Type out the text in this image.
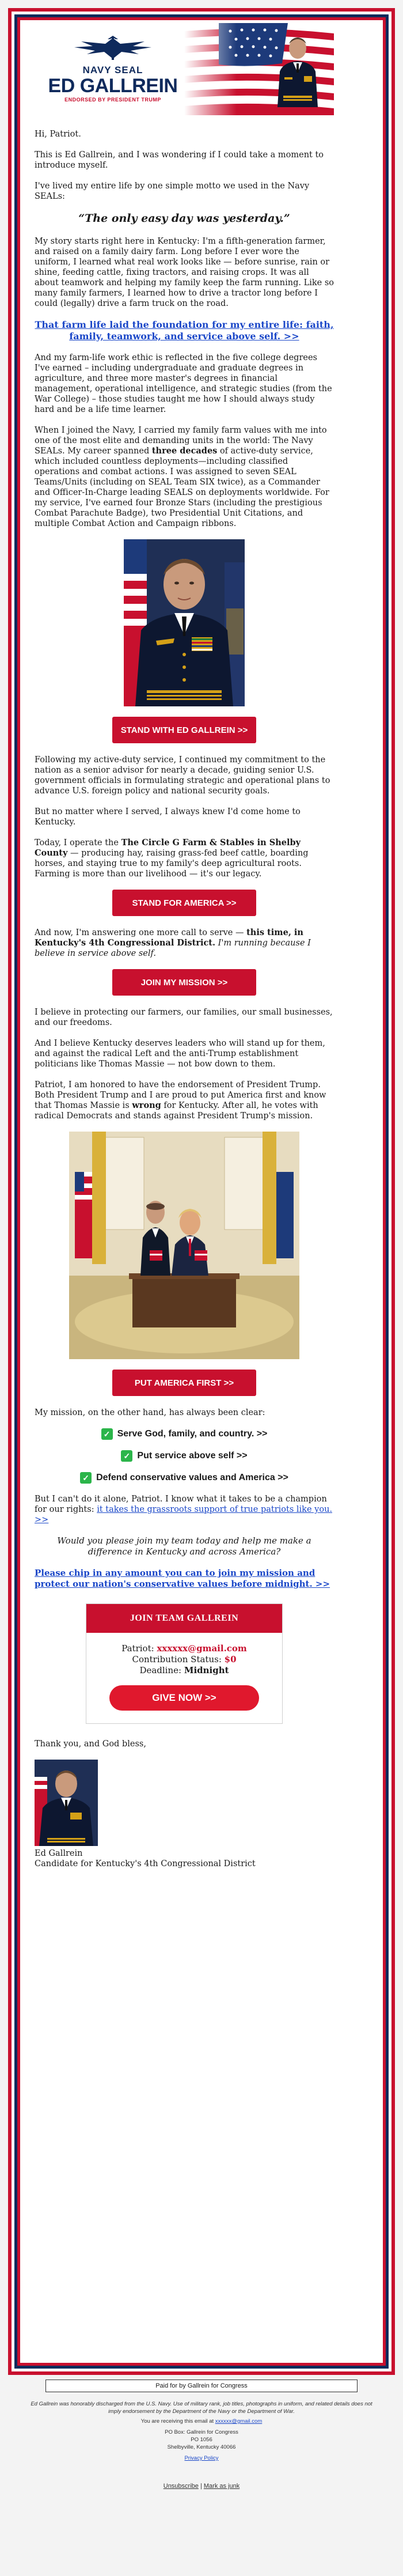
NAVY SEAL
ED GALLREIN
ENDORSED BY PRESIDENT TRUMP

Hi, Patriot.

This is Ed Gallrein, and I was wondering if I could take a moment to introduce myself.

I've lived my entire life by one simple motto we used in the Navy SEALs:

“The only easy day was yesterday.”

My story starts right here in Kentucky: I'm a fifth-generation farmer, and raised on a family dairy farm. Long before I ever wore the uniform, I learned what real work looks like — before sunrise, rain or shine, feeding cattle, fixing tractors, and raising crops. It was all about teamwork and helping my family keep the farm running. Like so many family farmers, I learned how to drive a tractor long before I could (legally) drive a farm truck on the road.

That farm life laid the foundation for my entire life: faith, family, teamwork, and service above self. >>

And my farm-life work ethic is reflected in the five college degrees I've earned – including undergraduate and graduate degrees in agriculture, and three more master's degrees in financial management, operational intelligence, and strategic studies (from the War College) – those studies taught me how I should always study hard and be a life time learner.

When I joined the Navy, I carried my family farm values with me into one of the most elite and demanding units in the world: The Navy SEALs. My career spanned three decades of active-duty service, which included countless deployments—including classified operations and combat actions. I was assigned to seven SEAL Teams/Units (including on SEAL Team SIX twice), as a Commander and Officer-In-Charge leading SEALS on deployments worldwide. For my service, I've earned four Bronze Stars (including the prestigious Combat Parachute Badge), two Presidential Unit Citations, and multiple Combat Action and Campaign ribbons.

STAND WITH ED GALLREIN >>

Following my active-duty service, I continued my commitment to the nation as a senior advisor for nearly a decade, guiding senior U.S. government officials in formulating strategic and operational plans to advance U.S. foreign policy and national security goals.

But no matter where I served, I always knew I'd come home to Kentucky.

Today, I operate the The Circle G Farm & Stables in Shelby County — producing hay, raising grass-fed beef cattle, boarding horses, and staying true to my family's deep agricultural roots. Farming is more than our livelihood — it's our legacy.

STAND FOR AMERICA >>

And now, I'm answering one more call to serve — this time, in Kentucky's 4th Congressional District. I'm running because I believe in service above self.

JOIN MY MISSION >>

I believe in protecting our farmers, our families, our small businesses, and our freedoms.

And I believe Kentucky deserves leaders who will stand up for them, and against the radical Left and the anti-Trump establishment politicians like Thomas Massie — not bow down to them.

Patriot, I am honored to have the endorsement of President Trump. Both President Trump and I are proud to put America first and know that Thomas Massie is wrong for Kentucky. After all, he votes with radical Democrats and stands against President Trump's mission.

PUT AMERICA FIRST >>

My mission, on the other hand, has always been clear:

✓ Serve God, family, and country. >>
✓ Put service above self >>
✓ Defend conservative values and America >>

But I can't do it alone, Patriot. I know what it takes to be a champion for our rights: it takes the grassroots support of true patriots like you. >>

Would you please join my team today and help me make a difference in Kentucky and across America?
Please chip in any amount you can to join my mission and protect our nation's conservative values before midnight. >>
JOIN TEAM GALLREIN
Patriot: xxxxxx@gmail.com
Contribution Status: $0
Deadline: Midnight
GIVE NOW >>

Thank you, and God bless,

Ed Gallrein

Candidate for Kentucky's 4th Congressional District

Paid for by Gallrein for Congress
Ed Gallrein was honorably discharged from the U.S. Navy. Use of military rank, job titles, photographs in uniform, and related details does not imply endorsement by the Department of the Navy or the Department of War.
You are receiving this email at xxxxxx@gmail.com
PO Box: Gallrein for Congress
PO 1056
Shelbyville, Kentucky 40066
Privacy Policy
Unsubscribe | Mark as junk
